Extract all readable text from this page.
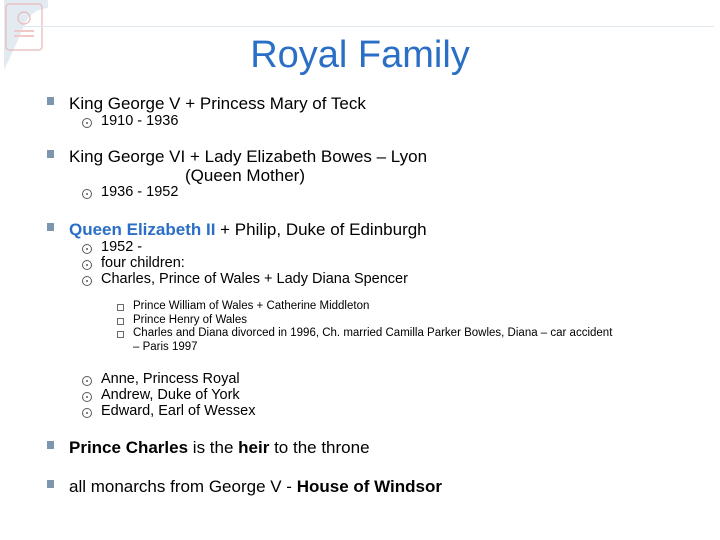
Royal Family
King George V + Princess Mary of Teck
1910 - 1936
King George VI + Lady Elizabeth Bowes – Lyon
(Queen Mother)
1936 - 1952
Queen Elizabeth II + Philip, Duke of Edinburgh
1952 -
four children:
Charles, Prince of Wales + Lady Diana Spencer
Prince William of Wales + Catherine Middleton
Prince Henry of Wales
Charles and Diana divorced in 1996, Ch. married Camilla Parker Bowles, Diana – car accident
– Paris 1997
Anne, Princess Royal
Andrew, Duke of York
Edward, Earl of Wessex
Prince Charles is the heir to the throne
all monarchs from George V - House of Windsor
